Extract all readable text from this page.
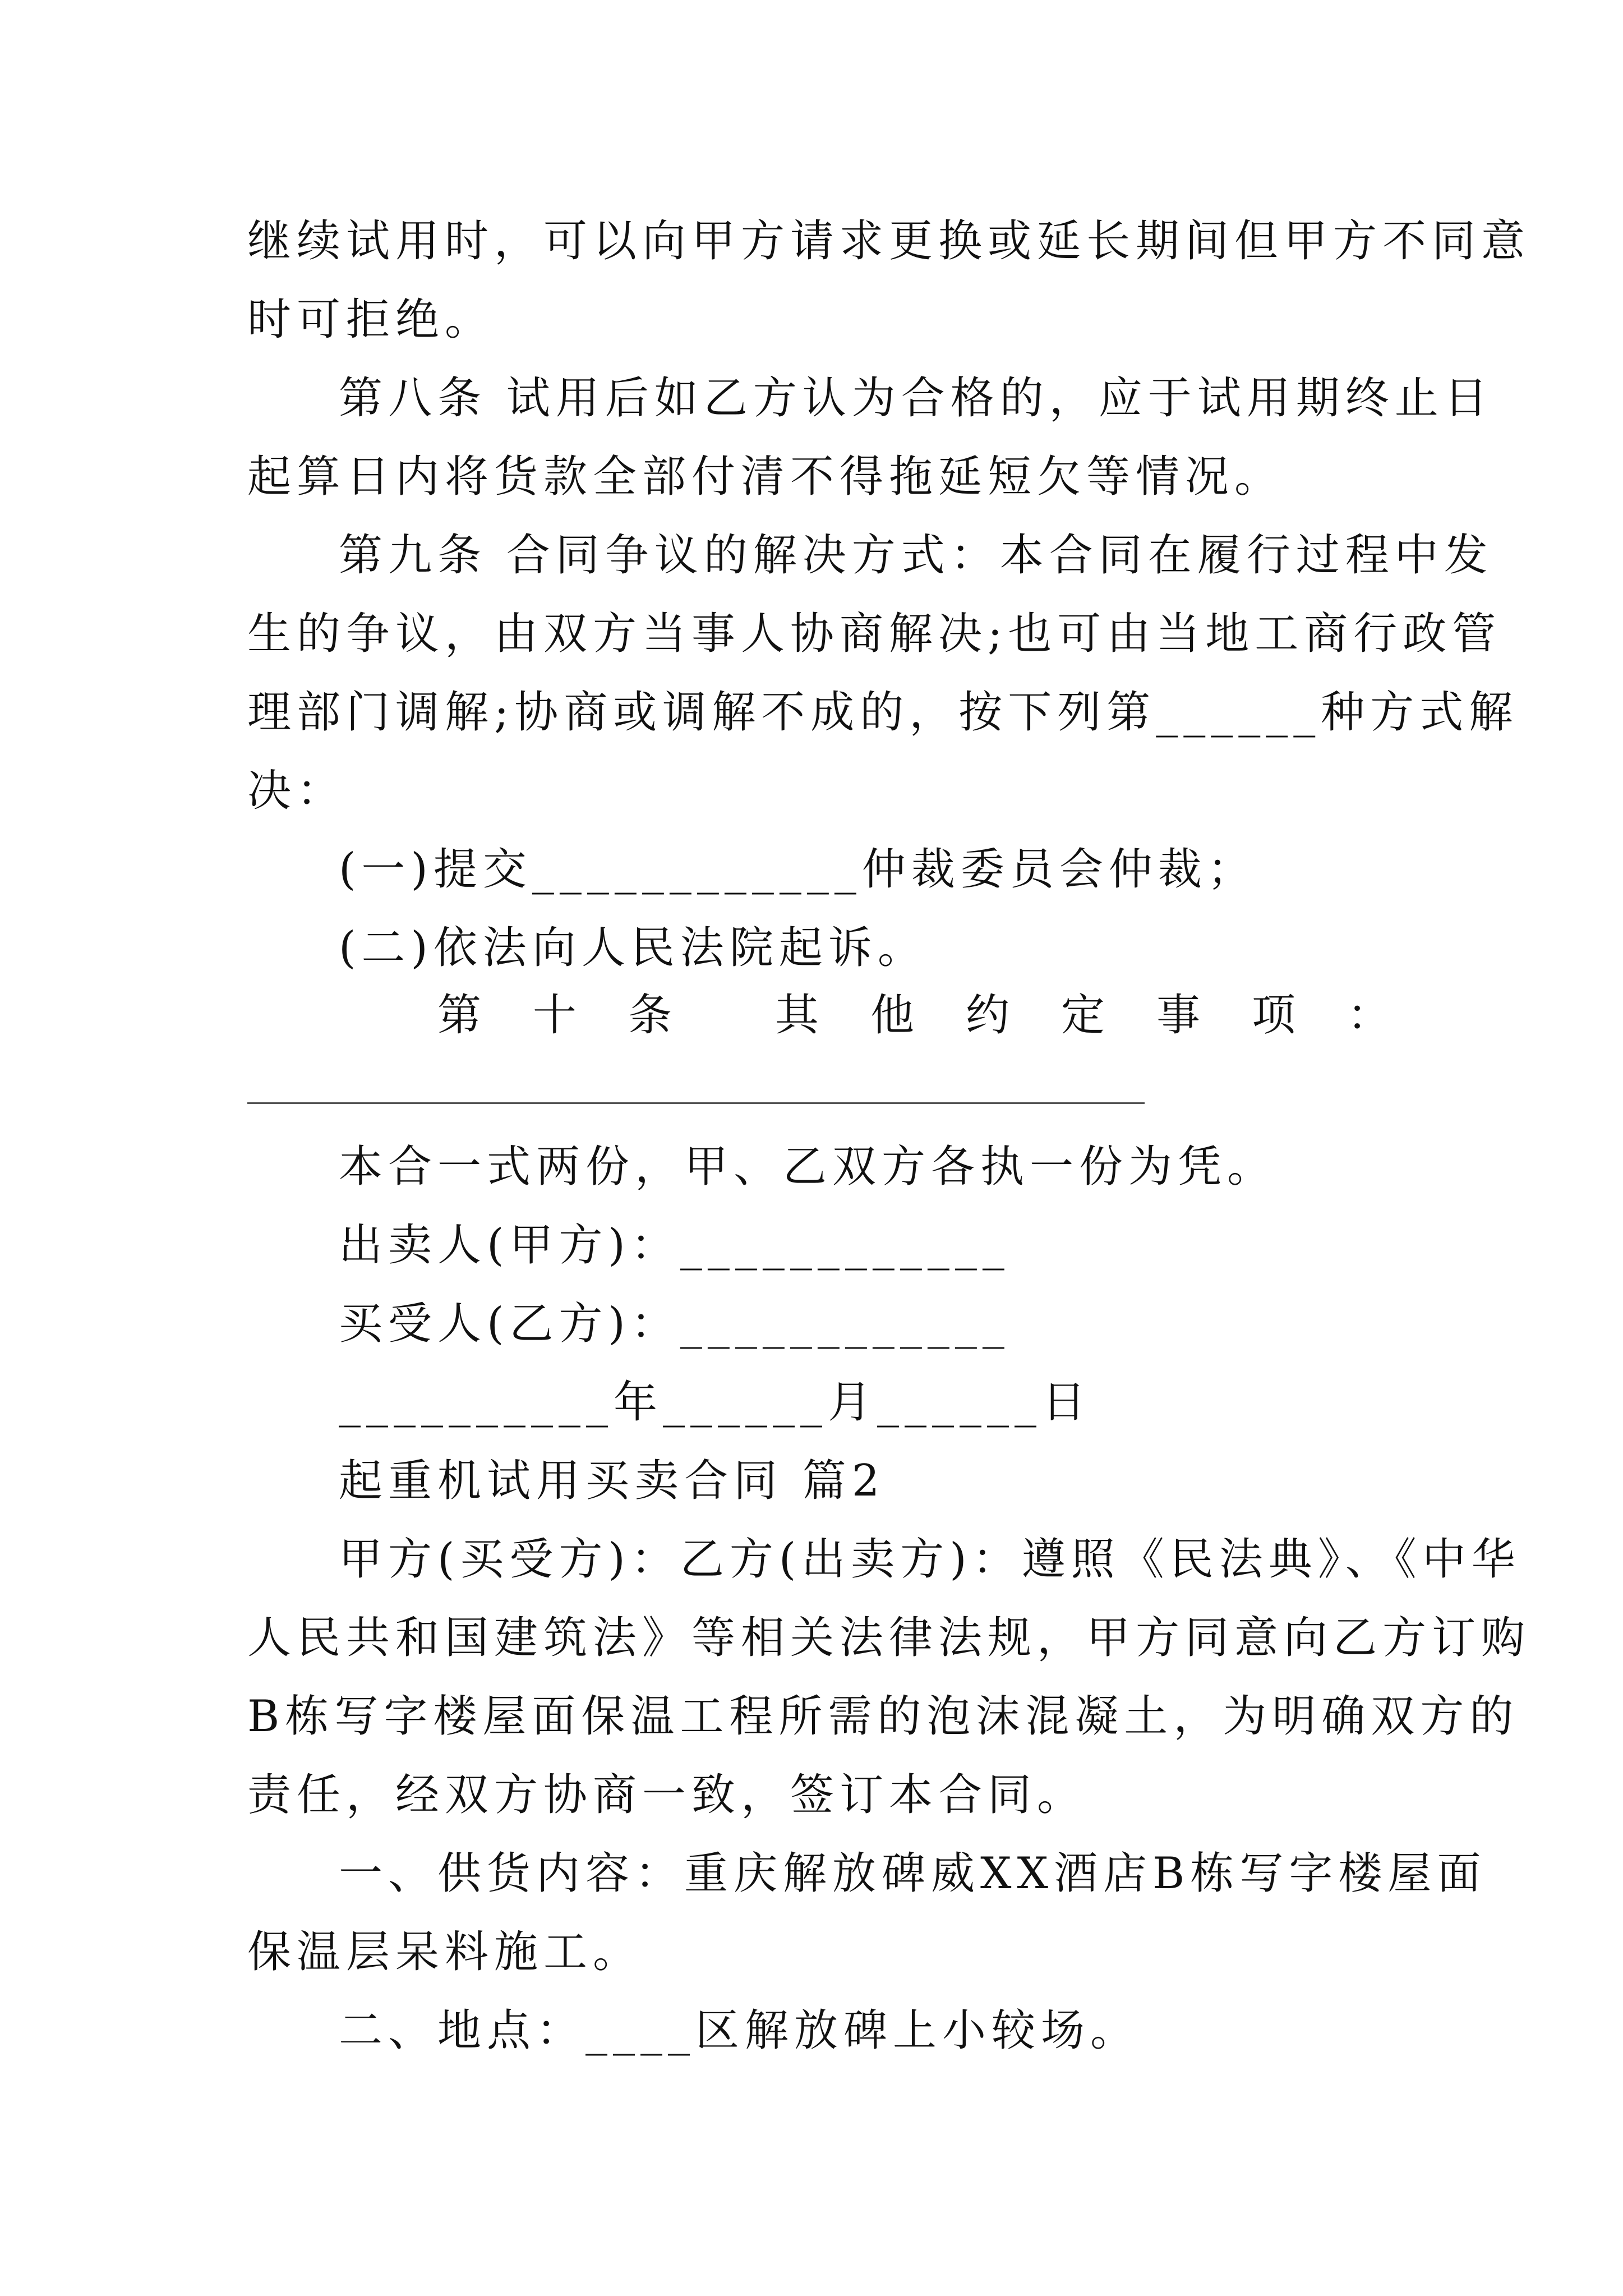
继续试用时，可以向甲方请求更换或延长期间但甲方不同意
时可拒绝。
第八条 试用后如乙方认为合格的，应于试用期终止日
起算日内将货款全部付清不得拖延短欠等情况。
第九条 合同争议的解决方式：本合同在履行过程中发
生的争议，由双方当事人协商解决;也可由当地工商行政管
理部门调解;协商或调解不成的，按下列第______种方式解
决：
(一)提交____________仲裁委员会仲裁；
(二)依法向人民法院起诉。
第 十 条 其 他 约 定 事 项 ：
本合一式两份，甲、乙双方各执一份为凭。
出卖人(甲方)：____________
买受人(乙方)：____________
__________年______月______日
起重机试用买卖合同 篇2
甲方(买受方)：乙方(出卖方)：遵照《民法典》、《中华
人民共和国建筑法》等相关法律法规，甲方同意向乙方订购
B栋写字楼屋面保温工程所需的泡沫混凝土，为明确双方的
责任，经双方协商一致，签订本合同。
一、供货内容：重庆解放碑威XX酒店B栋写字楼屋面
保温层呆料施工。
二、地点：____区解放碑上小较场。
